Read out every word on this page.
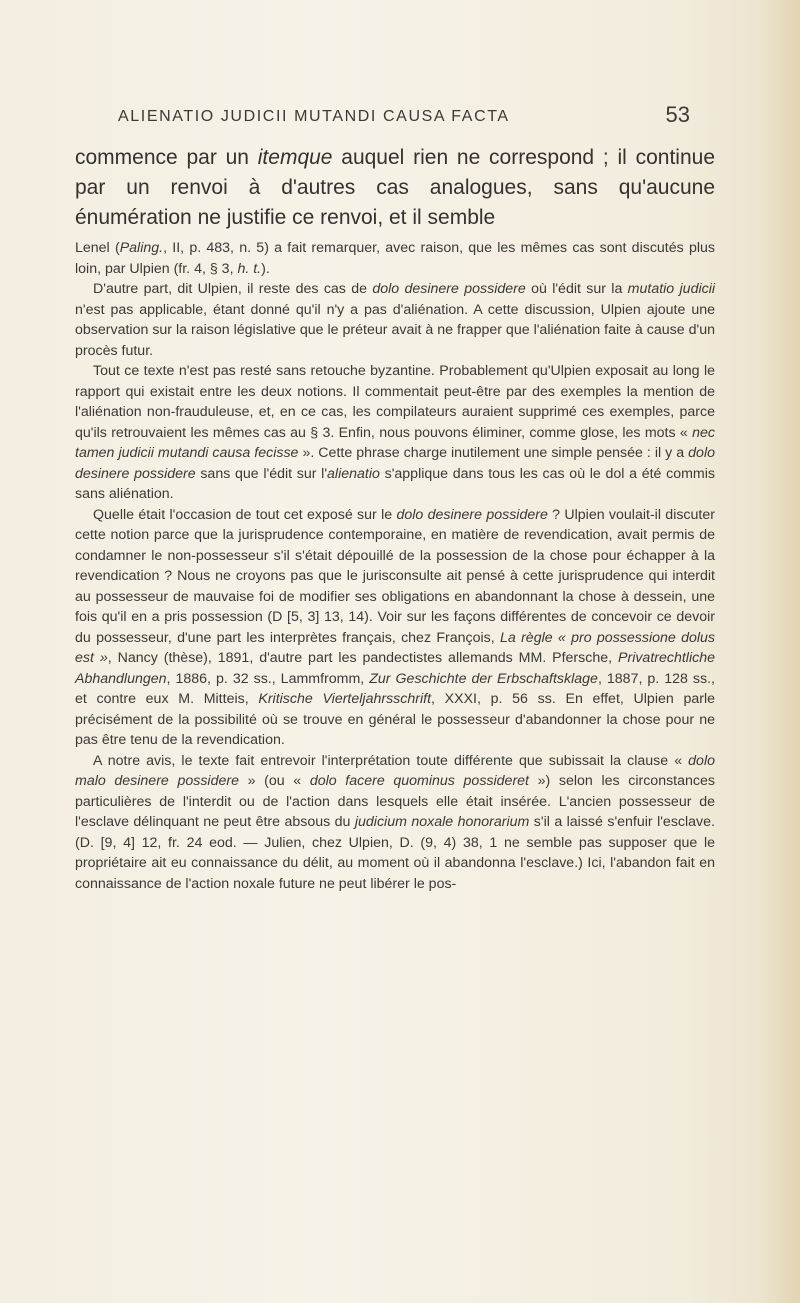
ALIENATIO JUDICII MUTANDI CAUSA FACTA	53

commence par un itemque auquel rien ne correspond ; il continue par un renvoi à d'autres cas analogues, sans qu'aucune énumération ne justifie ce renvoi, et il semble

Lenel (Paling., II, p. 483, n. 5) a fait remarquer, avec raison, que les mêmes cas sont discutés plus loin, par Ulpien (fr. 4, § 3, h. t.).

D'autre part, dit Ulpien, il reste des cas de dolo desinere possidere où l'édit sur la mutatio judicii n'est pas applicable, étant donné qu'il n'y a pas d'aliénation. A cette discussion, Ulpien ajoute une observation sur la raison législative que le préteur avait à ne frapper que l'aliénation faite à cause d'un procès futur.

Tout ce texte n'est pas resté sans retouche byzantine. Probablement qu'Ulpien exposait au long le rapport qui existait entre les deux notions. Il commentait peut-être par des exemples la mention de l'aliénation non-frauduleuse, et, en ce cas, les compilateurs auraient supprimé ces exemples, parce qu'ils retrouvaient les mêmes cas au § 3. Enfin, nous pouvons éliminer, comme glose, les mots « nec tamen judicii mutandi causa fecisse ». Cette phrase charge inutilement une simple pensée : il y a dolo desinere possidere sans que l'édit sur l'alienatio s'applique dans tous les cas où le dol a été commis sans aliénation.

Quelle était l'occasion de tout cet exposé sur le dolo desinere possidere ? Ulpien voulait-il discuter cette notion parce que la jurisprudence contemporaine, en matière de revendication, avait permis de condamner le non-possesseur s'il s'était dépouillé de la possession de la chose pour échapper à la revendication ? Nous ne croyons pas que le jurisconsulte ait pensé à cette jurisprudence qui interdit au possesseur de mauvaise foi de modifier ses obligations en abandonnant la chose à dessein, une fois qu'il en a pris possession (D [5, 3] 13, 14). Voir sur les façons différentes de concevoir ce devoir du possesseur, d'une part les interprètes français, chez François, La règle « pro possessione dolus est », Nancy (thèse), 1891, d'autre part les pandectistes allemands MM. Pfersche, Privatrechtliche Abhandlungen, 1886, p. 32 ss., Lammfromm, Zur Geschichte der Erbschaftsklage, 1887, p. 128 ss., et contre eux M. Mitteis, Kritische Vierteljahrsschrift, XXXI, p. 56 ss. En effet, Ulpien parle précisément de la possibilité où se trouve en général le possesseur d'abandonner la chose pour ne pas être tenu de la revendication.

A notre avis, le texte fait entrevoir l'interprétation toute différente que subissait la clause « dolo malo desinere possidere » (ou « dolo facere quominus possideret ») selon les circonstances particulières de l'interdit ou de l'action dans lesquels elle était insérée. L'ancien possesseur de l'esclave délinquant ne peut être absous du judicium noxale honorarium s'il a laissé s'enfuir l'esclave. (D. [9, 4] 12, fr. 24 eod. — Julien, chez Ulpien, D. (9, 4) 38, 1 ne semble pas supposer que le propriétaire ait eu connaissance du délit, au moment où il abandonna l'esclave.) Ici, l'abandon fait en connaissance de l'action noxale future ne peut libérer le pos-
